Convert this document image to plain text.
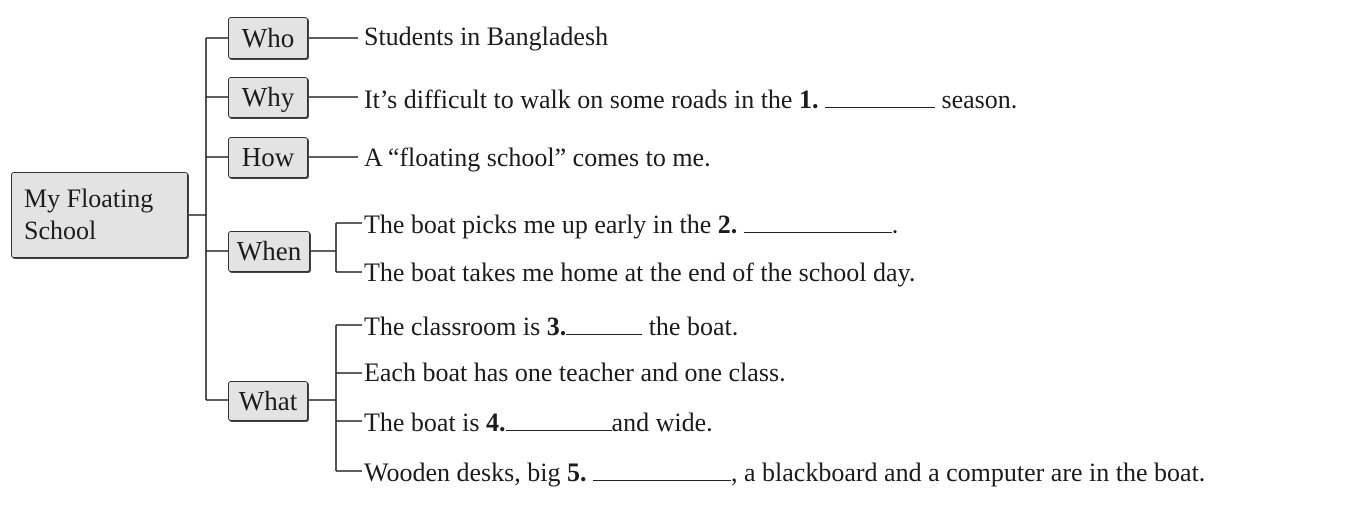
My Floating
School
Who
Why
How
When
What
Students in Bangladesh
It’s difficult to walk on some roads in the 1.	season.
A “floating school” comes to me.
The boat picks me up early in the 2.	.
The boat takes me home at the end of the school day.
The classroom is 3.	the boat.
Each boat has one teacher and one class.
The boat is 4.	and wide.
Wooden desks, big 5.	, a blackboard and a computer are in the boat.
